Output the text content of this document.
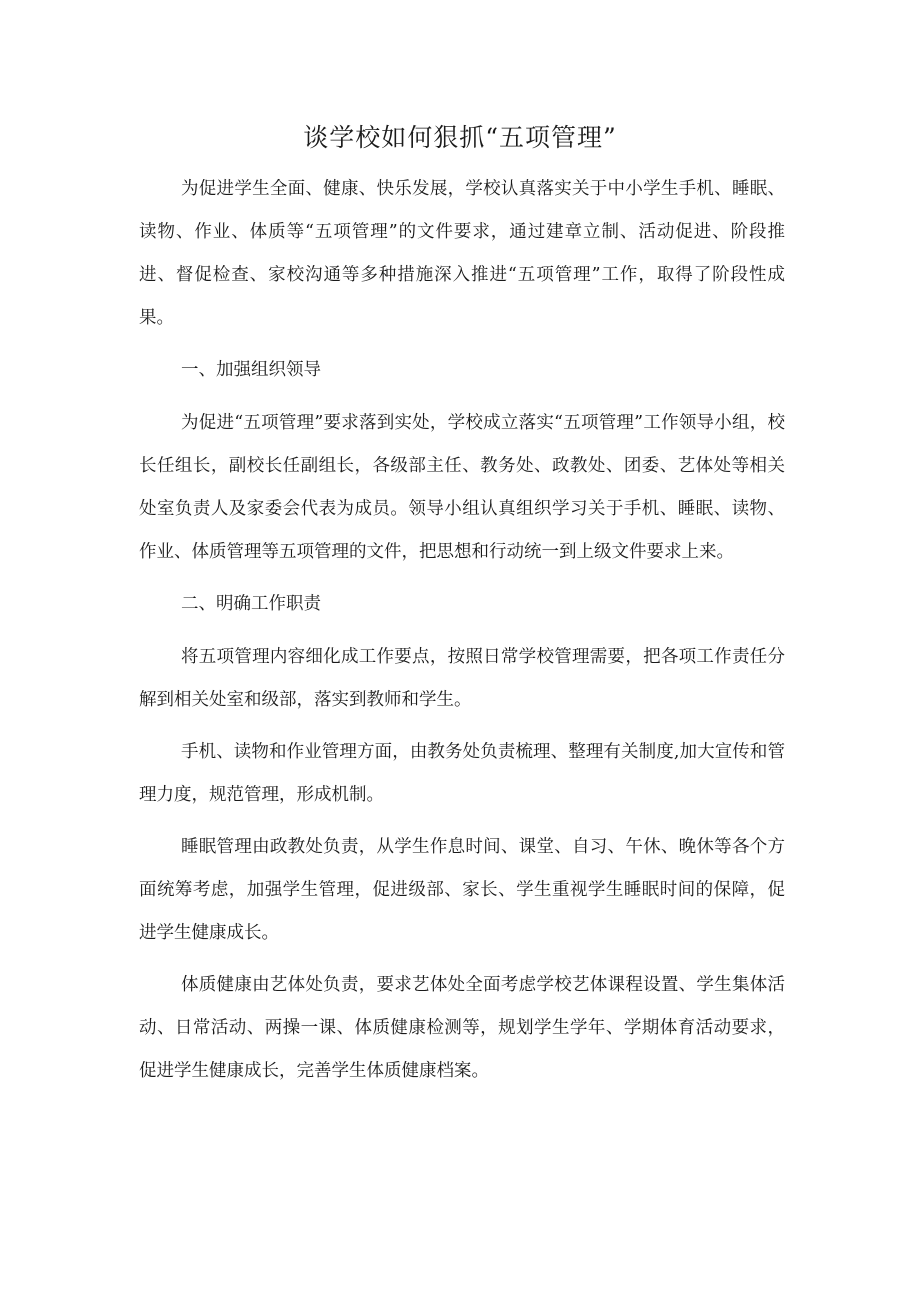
谈学校如何狠抓“五项管理”

为促进学生全面、健康、快乐发展，学校认真落实关于中小学生手机、睡眠、读物、作业、体质等“五项管理”的文件要求，通过建章立制、活动促进、阶段推进、督促检查、家校沟通等多种措施深入推进“五项管理”工作，取得了阶段性成果。

一、加强组织领导

为促进“五项管理”要求落到实处，学校成立落实“五项管理”工作领导小组，校长任组长，副校长任副组长，各级部主任、教务处、政教处、团委、艺体处等相关处室负责人及家委会代表为成员。领导小组认真组织学习关于手机、睡眠、读物、作业、体质管理等五项管理的文件，把思想和行动统一到上级文件要求上来。

二、明确工作职责

将五项管理内容细化成工作要点，按照日常学校管理需要，把各项工作责任分解到相关处室和级部，落实到教师和学生。

手机、读物和作业管理方面，由教务处负责梳理、整理有关制度,加大宣传和管理力度，规范管理，形成机制。

睡眠管理由政教处负责，从学生作息时间、课堂、自习、午休、晚休等各个方面统筹考虑，加强学生管理，促进级部、家长、学生重视学生睡眠时间的保障，促进学生健康成长。

体质健康由艺体处负责，要求艺体处全面考虑学校艺体课程设置、学生集体活动、日常活动、两操一课、体质健康检测等，规划学生学年、学期体育活动要求，促进学生健康成长，完善学生体质健康档案。
